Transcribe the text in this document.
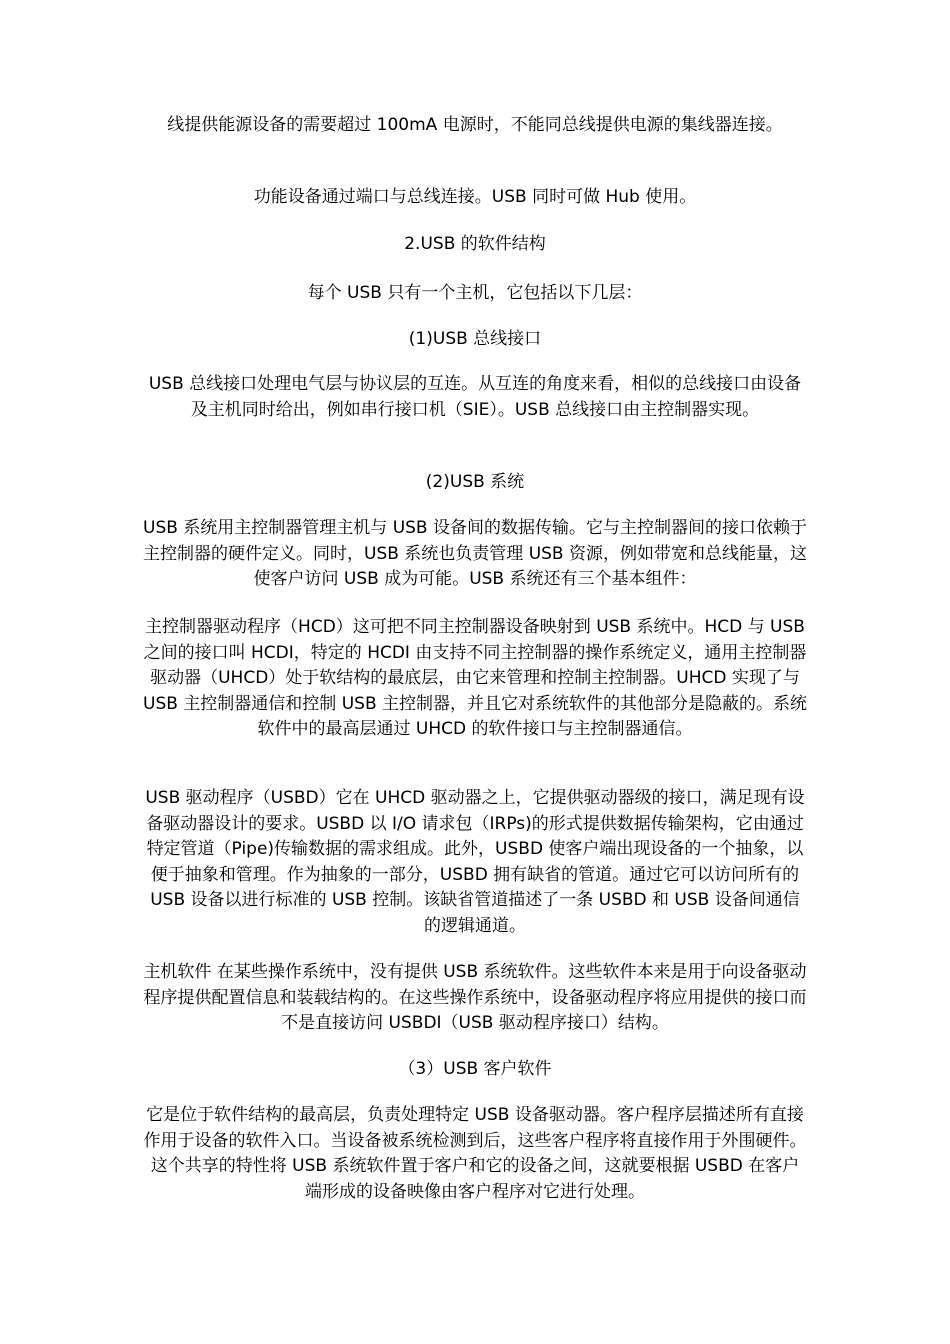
线提供能源设备的需要超过 100mA 电源时，不能同总线提供电源的集线器连接。

功能设备通过端口与总线连接。USB 同时可做 Hub 使用。

2.USB 的软件结构

每个 USB 只有一个主机，它包括以下几层：

(1)USB 总线接口

USB 总线接口处理电气层与协议层的互连。从互连的角度来看，相似的总线接口由设备及主机同时给出，例如串行接口机（SIE）。USB 总线接口由主控制器实现。

(2)USB 系统

USB 系统用主控制器管理主机与 USB 设备间的数据传输。它与主控制器间的接口依赖于主控制器的硬件定义。同时，USB 系统也负责管理 USB 资源，例如带宽和总线能量，这使客户访问 USB 成为可能。USB 系统还有三个基本组件：

主控制器驱动程序（HCD）这可把不同主控制器设备映射到 USB 系统中。HCD 与 USB 之间的接口叫 HCDI，特定的 HCDI 由支持不同主控制器的操作系统定义，通用主控制器驱动器（UHCD）处于软结构的最底层，由它来管理和控制主控制器。UHCD 实现了与 USB 主控制器通信和控制 USB 主控制器，并且它对系统软件的其他部分是隐蔽的。系统软件中的最高层通过 UHCD 的软件接口与主控制器通信。

USB 驱动程序（USBD）它在 UHCD 驱动器之上，它提供驱动器级的接口，满足现有设备驱动器设计的要求。USBD 以 I/O 请求包（IRPs)的形式提供数据传输架构，它由通过特定管道（Pipe)传输数据的需求组成。此外，USBD 使客户端出现设备的一个抽象，以便于抽象和管理。作为抽象的一部分，USBD 拥有缺省的管道。通过它可以访问所有的 USB 设备以进行标准的 USB 控制。该缺省管道描述了一条 USBD 和 USB 设备间通信的逻辑通道。

主机软件 在某些操作系统中，没有提供 USB 系统软件。这些软件本来是用于向设备驱动程序提供配置信息和装载结构的。在这些操作系统中，设备驱动程序将应用提供的接口而不是直接访问 USBDI（USB 驱动程序接口）结构。

（3）USB 客户软件

它是位于软件结构的最高层，负责处理特定 USB 设备驱动器。客户程序层描述所有直接作用于设备的软件入口。当设备被系统检测到后，这些客户程序将直接作用于外围硬件。这个共享的特性将 USB 系统软件置于客户和它的设备之间，这就要根据 USBD 在客户端形成的设备映像由客户程序对它进行处理。
